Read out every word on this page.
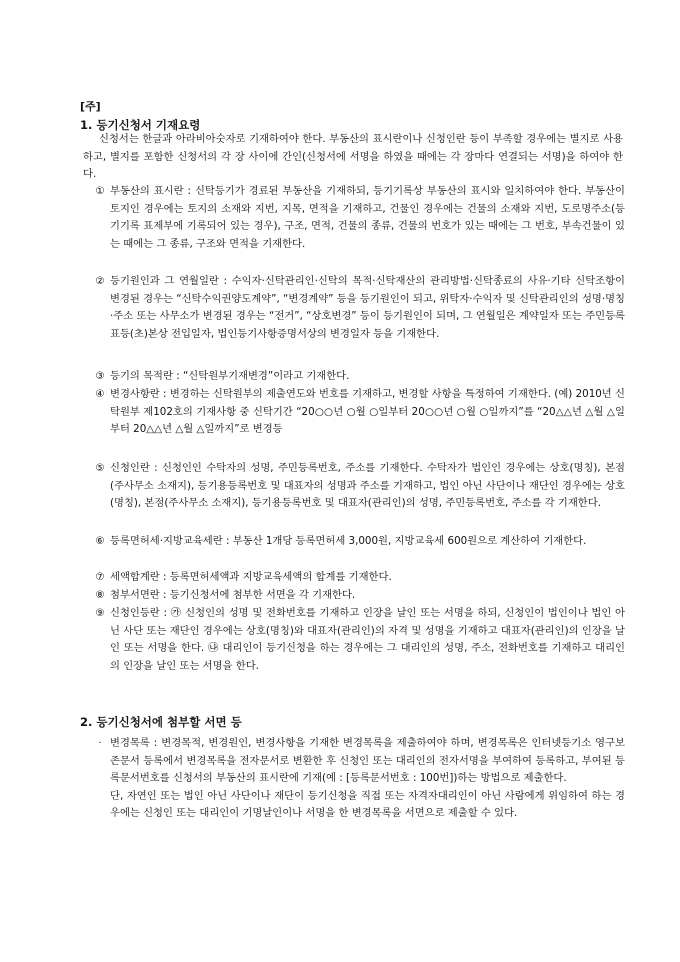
[주]
1. 등기신청서 기재요령
신청서는 한글과 아라비아숫자로 기재하여야 한다. 부동산의 표시란이나 신청인란 등이 부족할 경우에는 별지로 사용하고, 별지를 포함한 신청서의 각 장 사이에 간인(신청서에 서명을 하였을 때에는 각 장마다 연결되는 서명)을 하여야 한다.
① 부동산의 표시란 : 신탁등기가 경료된 부동산을 기재하되, 등기기록상 부동산의 표시와 일치하여야 한다. 부동산이 토지인 경우에는 토지의 소재와 지번, 지목, 면적을 기재하고, 건물인 경우에는 건물의 소재와 지번, 도로명주소(등기기록 표제부에 기록되어 있는 경우), 구조, 면적, 건물의 종류, 건물의 번호가 있는 때에는 그 번호, 부속건물이 있는 때에는 그 종류, 구조와 면적을 기재한다.
② 등기원인과 그 연월일란 : 수익자·신탁관리인·신탁의 목적·신탁재산의 관리방법·신탁종료의 사유·기타 신탁조항이 변경된 경우는 “신탁수익권양도계약”, “변경계약” 등을 등기원인이 되고, 위탁자·수익자 및 신탁관리인의 성명·명칭·주소 또는 사무소가 변경된 경우는 “전거”, “상호변경” 등이 등기원인이 되며, 그 연월일은 계약일자 또는 주민등록표등(초)본상 전입일자, 법인등기사항증명서상의 변경일자 등을 기재한다.
③ 등기의 목적란 : “신탁원부기재변경”이라고 기재한다.
④ 변경사항란 : 변경하는 신탁원부의 제출연도와 번호를 기재하고, 변경할 사항을 특정하여 기재한다. (예) 2010년 신탁원부 제102호의 기재사항 중 신탁기간 “20○○년 ○월 ○일부터 20○○년 ○월 ○일까지”를 “20△△년 △월 △일부터 20△△년 △월 △일까지”로 변경등
⑤ 신청인란 : 신청인인 수탁자의 성명, 주민등록번호, 주소를 기재한다. 수탁자가 법인인 경우에는 상호(명칭), 본점(주사무소 소재지), 등기용등록번호 및 대표자의 성명과 주소를 기재하고, 법인 아닌 사단이나 재단인 경우에는 상호(명칭), 본점(주사무소 소재지), 등기용등록번호 및 대표자(관리인)의 성명, 주민등록번호, 주소를 각 기재한다.
⑥ 등록면허세·지방교육세란 : 부동산 1개당 등록면허세 3,000원, 지방교육세 600원으로 계산하여 기재한다.
⑦ 세액합계란 : 등록면허세액과 지방교육세액의 합계를 기재한다.
⑧ 첨부서면란 : 등기신청서에 첨부한 서면을 각 기재한다.
⑨ 신청인등란 : ㉮ 신청인의 성명 및 전화번호를 기재하고 인장을 날인 또는 서명을 하되, 신청인이 법인이나 법인 아닌 사단 또는 재단인 경우에는 상호(명칭)와 대표자(관리인)의 자격 및 성명을 기재하고 대표자(관리인)의 인장을 날인 또는 서명을 한다. ㉯ 대리인이 등기신청을 하는 경우에는 그 대리인의 성명, 주소, 전화번호를 기재하고 대리인의 인장을 날인 또는 서명을 한다.
2. 등기신청서에 첨부할 서면 등
· 변경목록 : 변경목적, 변경원인, 변경사항을 기재한 변경목록을 제출하여야 하며, 변경목록은 인터넷등기소 영구보존문서 등록에서 변경목록을 전자문서로 변환한 후 신청인 또는 대리인의 전자서명을 부여하여 등록하고, 부여된 등록문서번호를 신청서의 부동산의 표시란에 기재(예 : [등록문서번호 : 100번])하는 방법으로 제출한다.
단, 자연인 또는 법인 아닌 사단이나 재단이 등기신청을 직접 또는 자격자대리인이 아닌 사람에게 위임하여 하는 경우에는 신청인 또는 대리인이 기명날인이나 서명을 한 변경목록을 서면으로 제출할 수 있다.
